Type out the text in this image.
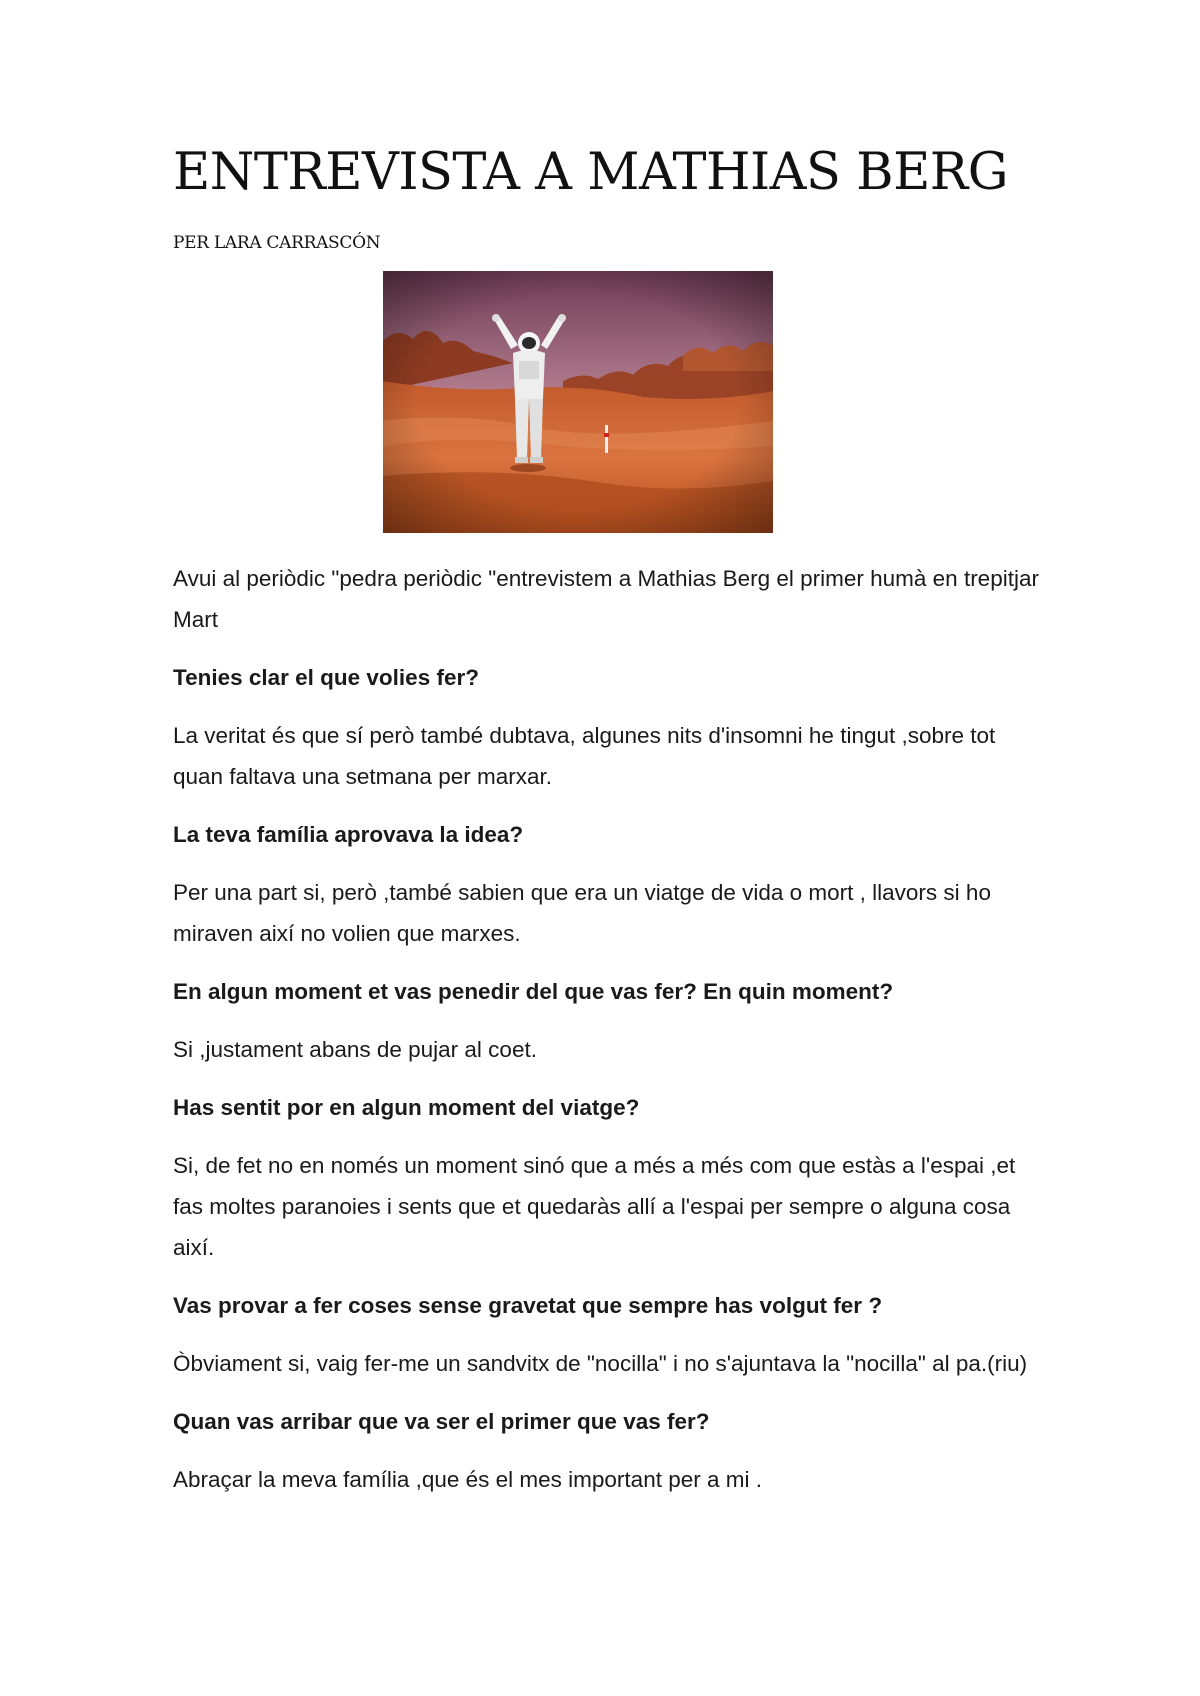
ENTREVISTA A MATHIAS BERG

PER LARA CARRASCÓN

Avui al periòdic "pedra periòdic "entrevistem a Mathias Berg el primer humà en trepitjar Mart

Tenies clar el que volies fer?

La veritat és que sí però també dubtava, algunes nits d'insomni he tingut ,sobre tot quan faltava una setmana per marxar.

La teva família aprovava la idea?

Per una part si, però ,també sabien que era un viatge de vida o mort , llavors si ho miraven així no volien que marxes.

En algun moment et vas penedir del que vas fer? En quin moment?

Si ,justament abans de pujar al coet.

Has sentit por en algun moment del viatge?

Si, de fet no en només un moment sinó que a més a més com que estàs a l'espai ,et fas moltes paranoies i sents que et quedaràs allí a l'espai per sempre o alguna cosa així.

Vas provar a fer coses sense gravetat que sempre has volgut fer ?

Òbviament si, vaig fer-me un sandvitx de "nocilla" i no s'ajuntava la "nocilla" al pa.(riu)

Quan vas arribar que va ser el primer que vas fer?

Abraçar la meva família ,que és el mes important per a mi .
